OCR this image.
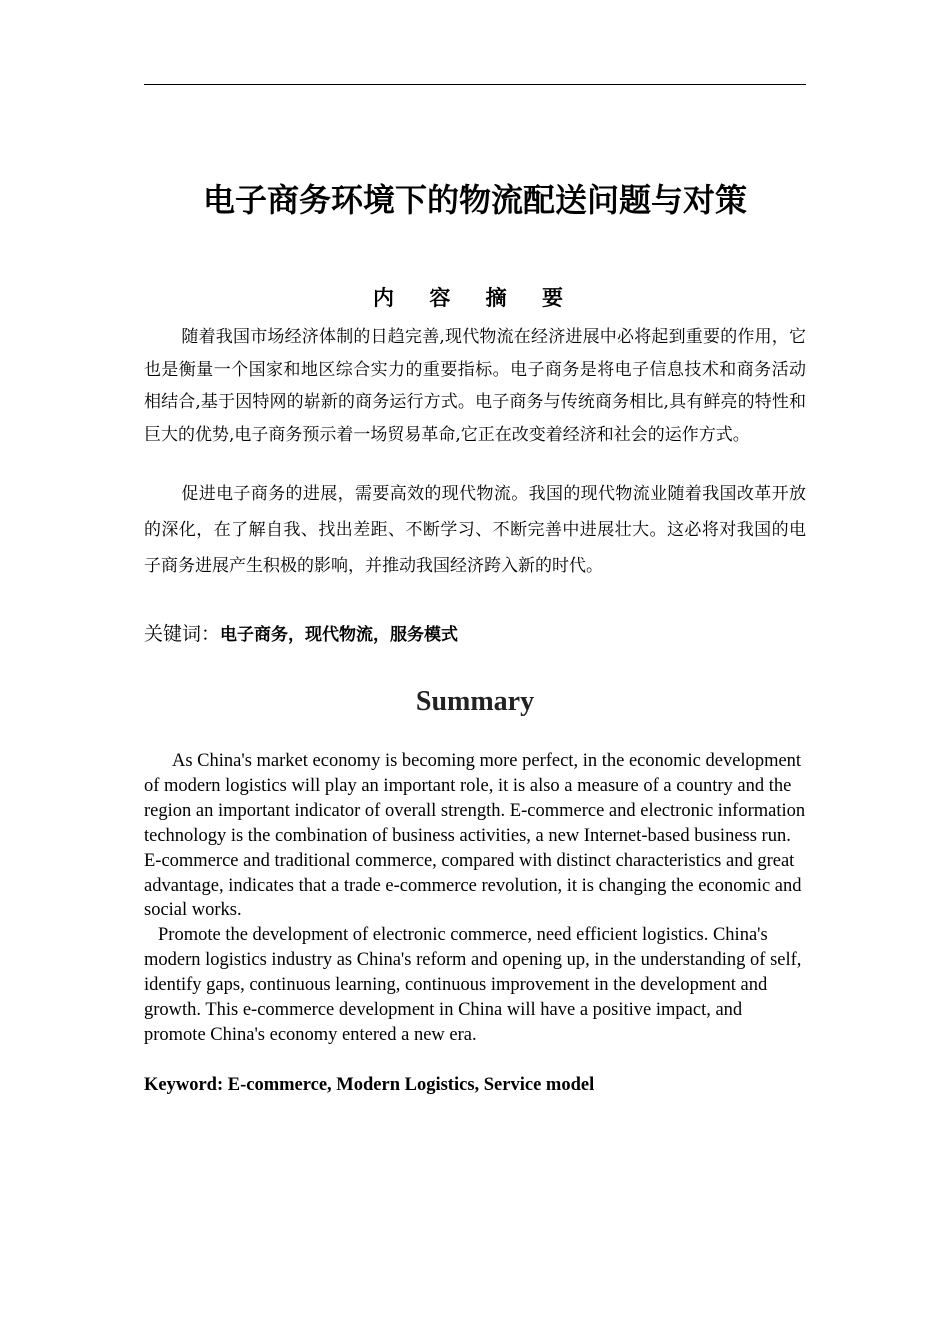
电子商务环境下的物流配送问题与对策
内 容 摘 要

随着我国市场经济体制的日趋完善,现代物流在经济进展中必将起到重要的作用，它也是衡量一个国家和地区综合实力的重要指标。电子商务是将电子信息技术和商务活动相结合,基于因特网的崭新的商务运行方式。电子商务与传统商务相比,具有鲜亮的特性和巨大的优势,电子商务预示着一场贸易革命,它正在改变着经济和社会的运作方式。

促进电子商务的进展，需要高效的现代物流。我国的现代物流业随着我国改革开放的深化，在了解自我、找出差距、不断学习、不断完善中进展壮大。这必将对我国的电子商务进展产生积极的影响，并推动我国经济跨入新的时代。

关键词：电子商务，现代物流，服务模式

Summary

As China's market economy is becoming more perfect, in the economic development of modern logistics will play an important role, it is also a measure of a country and the region an important indicator of overall strength. E-commerce and electronic information technology is the combination of business activities, a new Internet-based business run. E-commerce and traditional commerce, compared with distinct characteristics and great advantage, indicates that a trade e-commerce revolution, it is changing the economic and social works.

Promote the development of electronic commerce, need efficient logistics. China's modern logistics industry as China's reform and opening up, in the understanding of self, identify gaps, continuous learning, continuous improvement in the development and growth. This e-commerce development in China will have a positive impact, and promote China's economy entered a new era.

Keyword: E-commerce, Modern Logistics, Service model
